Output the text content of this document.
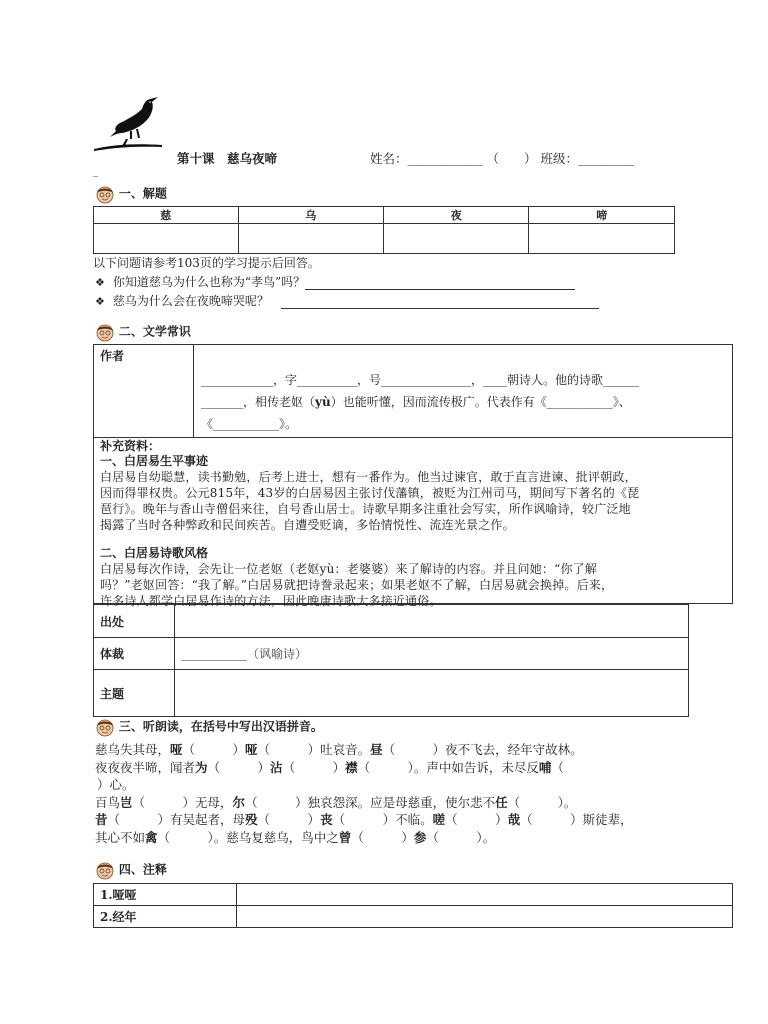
第十课　慈乌夜啼	姓名：____________ （　　） 班级：_________
_
一、解题
慈	乌	夜	啼

以下问题请参考103页的学习提示后回答。
❖ 你知道慈乌为什么也称为“孝鸟”吗？
❖ 慈乌为什么会在夜晚啼哭呢？
二、文学常识
作者
____________，字__________，号_______________，____朝诗人。他的诗歌______
_______，相传老妪（yù）也能听懂，因而流传极广。代表作有《___________》、
《___________》。
补充资料：
一、白居易生平事迹
白居易自幼聪慧，读书勤勉，后考上进士，想有一番作为。他当过谏官，敢于直言进谏、批评朝政，
因而得罪权贵。公元815年，43岁的白居易因主张讨伐藩镇，被贬为江州司马，期间写下著名的《琵
琶行》。晚年与香山寺僧侣来往，自号香山居士。诗歌早期多注重社会写实，所作讽喻诗，较广泛地
揭露了当时各种弊政和民间疾苦。自遭受贬谪，多怡情悦性、流连光景之作。
二、白居易诗歌风格
白居易每次作诗，会先让一位老妪（老妪yù：老婆婆）来了解诗的内容。并且问她：“你了解
吗？”老妪回答：“我了解。”白居易就把诗誊录起来；如果老妪不了解，白居易就会换掉。后来，
许多诗人都学白居易作诗的方法，因此晚唐诗歌大多接近通俗。
出处	
体裁	___________（讽喻诗）
主题	
三、听朗读，在括号中写出汉语拼音。
慈乌失其母，哑（　　　）哑（　　　）吐哀音。昼（　　　）夜不飞去，经年守故林。
夜夜夜半啼，闻者为（　　　）沾（　　　）襟（　　　）。声中如告诉，未尽反哺（
）心。
百鸟岂（　　　）无母，尔（　　　）独哀怨深。应是母慈重，使尔悲不任（　　　）。
昔（　　　）有吴起者，母殁（　　　）丧（　　　）不临。嗟（　　　）哉（　　　）斯徒辈，
其心不如禽（　　　）。慈乌复慈乌，鸟中之曾（　　　）参（　　　）。
四、注释
1.哑哑	
2.经年	
